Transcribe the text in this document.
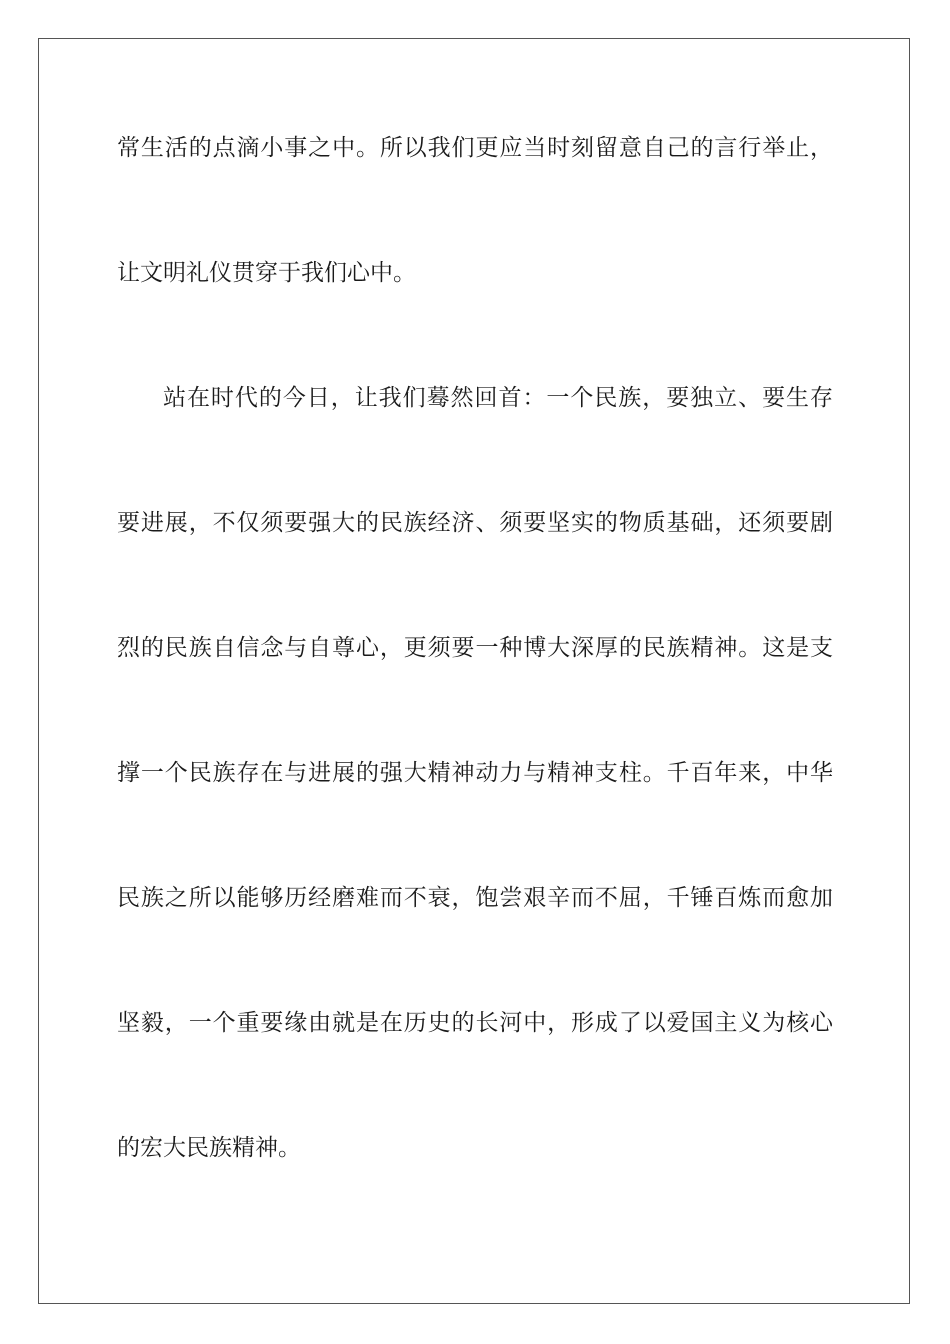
常生活的点滴小事之中。所以我们更应当时刻留意自己的言行举止，
让文明礼仪贯穿于我们心中。
站在时代的今日，让我们蓦然回首：一个民族，要独立、要生存
要进展，不仅须要强大的民族经济、须要坚实的物质基础，还须要剧
烈的民族自信念与自尊心，更须要一种博大深厚的民族精神。这是支
撑一个民族存在与进展的强大精神动力与精神支柱。千百年来，中华
民族之所以能够历经磨难而不衰，饱尝艰辛而不屈，千锤百炼而愈加
坚毅，一个重要缘由就是在历史的长河中，形成了以爱国主义为核心
的宏大民族精神。
